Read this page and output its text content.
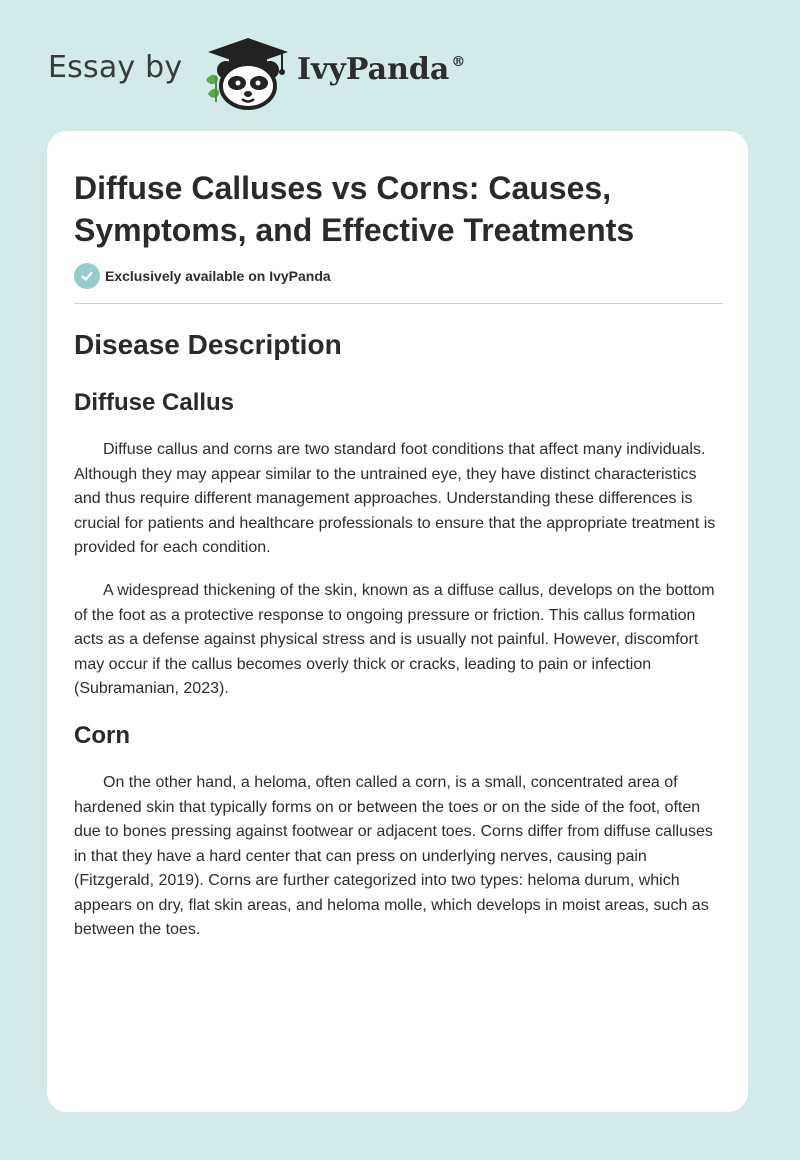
Essay by	IvyPanda ®
Diffuse Calluses vs Corns: Causes, Symptoms, and Effective Treatments
Exclusively available on IvyPanda
Disease Description
Diffuse Callus

Diffuse callus and corns are two standard foot conditions that affect many individuals. Although they may appear similar to the untrained eye, they have distinct characteristics and thus require different management approaches. Understanding these differences is crucial for patients and healthcare professionals to ensure that the appropriate treatment is provided for each condition.

A widespread thickening of the skin, known as a diffuse callus, develops on the bottom of the foot as a protective response to ongoing pressure or friction. This callus formation acts as a defense against physical stress and is usually not painful. However, discomfort may occur if the callus becomes overly thick or cracks, leading to pain or infection (Subramanian, 2023).

Corn

On the other hand, a heloma, often called a corn, is a small, concentrated area of hardened skin that typically forms on or between the toes or on the side of the foot, often due to bones pressing against footwear or adjacent toes. Corns differ from diffuse calluses in that they have a hard center that can press on underlying nerves, causing pain (Fitzgerald, 2019). Corns are further categorized into two types: heloma durum, which appears on dry, flat skin areas, and heloma molle, which develops in moist areas, such as between the toes.
